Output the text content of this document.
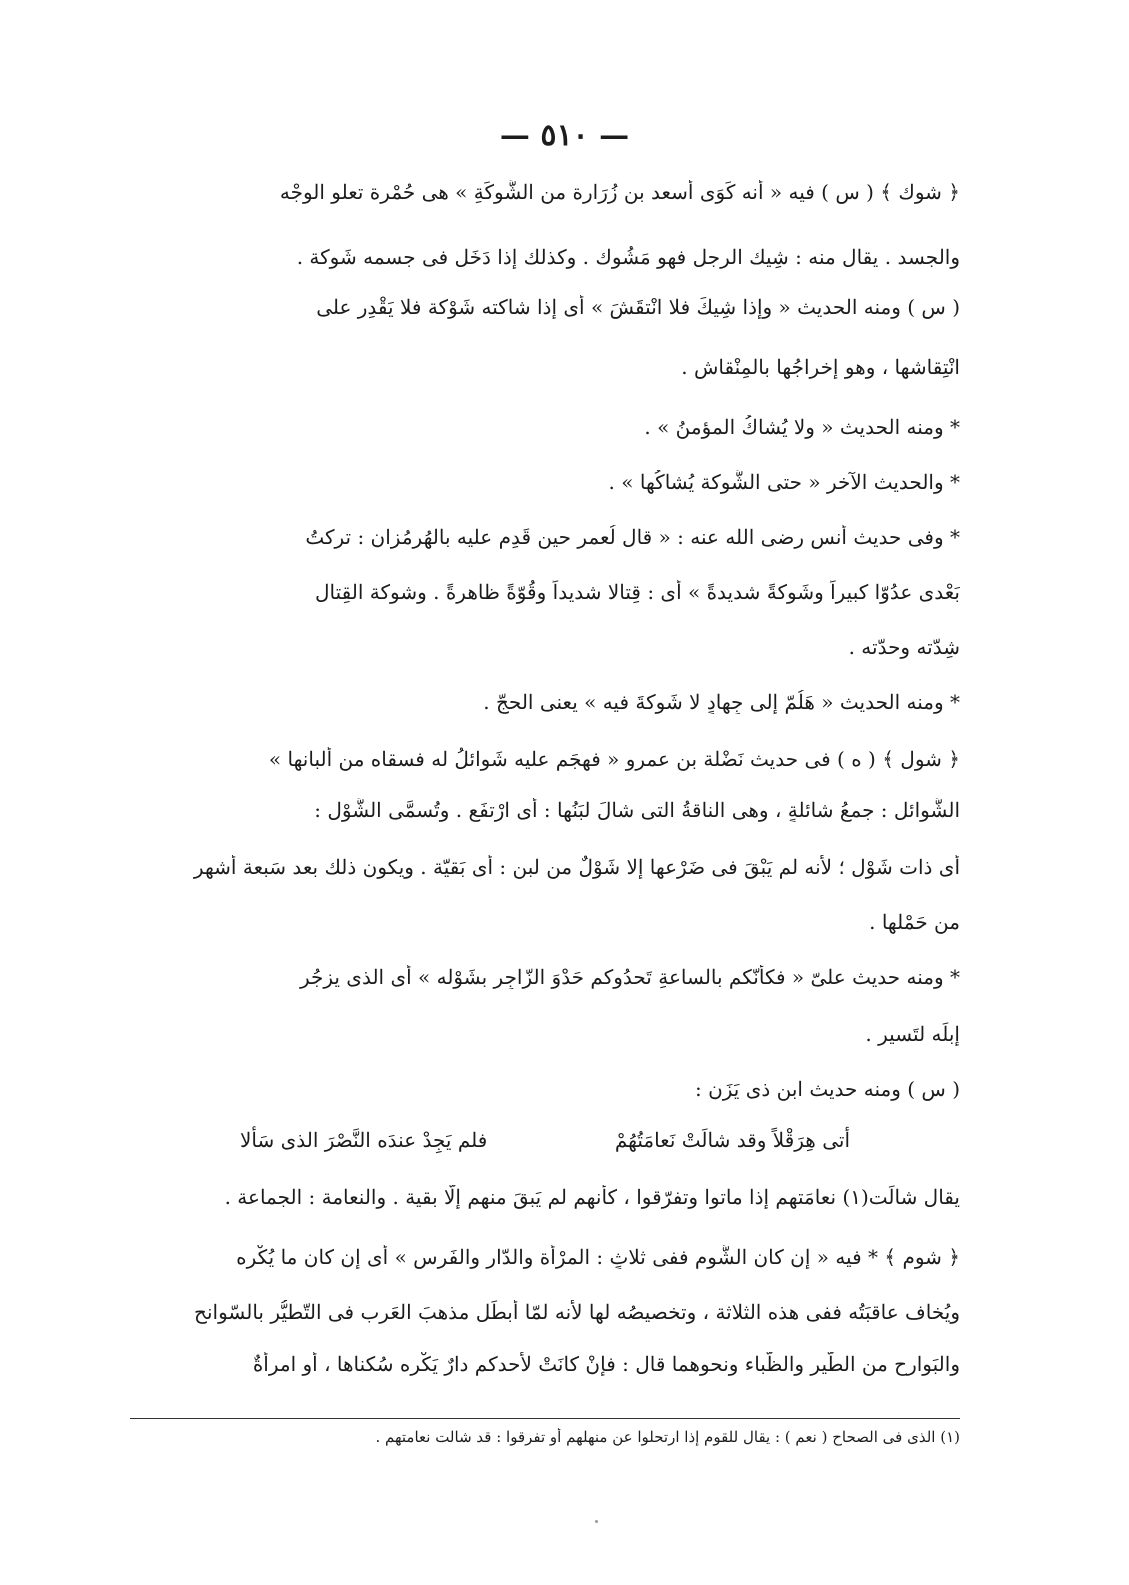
— ٥١٠ —
﴿ شوك ﴾ ( س ) فيه « أنه كَوَى أسعد بن زُرَارة من الشَّوكَةِ » هى حُمْرة تعلو الوجْه
والجسد . يقال منه : شِيك الرجل فهو مَشُوك . وكذلك إذا دَخَل فى جسمه شَوكة .
( س ) ومنه الحديث « وإذا شِيكَ فلا انْتقَشَ » أى إذا شاكته شَوْكة فلا يَقْدِر على
انْتِقاشها ، وهو إخراجُها بالمِنْقاش .
* ومنه الحديث « ولا يُشاكُ المؤمنُ » .
* والحديث الآخر « حتى الشَّوكة يُشاكُها » .
* وفى حديث أنس رضى الله عنه : « قال لُعمر حين قَدِم عليه بالهُرمُزان : تركتُ
بَعْدى عدُوّا كبيراً وشَوكةً شديدةً » أى : قِتالا شديداً وقُوّةً ظاهرةً . وشوكة القِتال
شِدّته وحدّته .
* ومنه الحديث « هَلُمّ إلى جِهادٍ لا شَوكةَ فيه » يعنى الحجّ .
﴿ شول ﴾ ( ه ) فى حديث نَضْلة بن عمرو « فهجَم عليه شَوائلُ له فسقاه من ألبانها »
الشَّوائل : جمعُ شائلةٍ ، وهى الناقةُ التى شالَ لبَنُها : أى ارْتفَع . وتُسمَّى الشَّوْل :
أى ذات شَوْلٍ ؛ لأنه لم يَبْقَ فى ضَرْعها إلا شَوْلٌ من لبنٍ : أى بَقيّة . ويكون ذلك بعد سَبعة أشهر
من حَمْلها .
* ومنه حديث علىّ « فكأنّكم بالساعةِ تَحدُوكم حَدْوَ الزّاجِرِ بشَوْله » أى الذى يزجُر
إبلَه لتَسير .
( س ) ومنه حديث ابن ذى يَزَن :
أتى هِرَقْلاً وقد شالَتْ نَعامَتُهُمْ
فلم يَجِدْ عندَه النَّصْرَ الذى سَألا
يقال شالَت(١) نعامَتهم إذا ماتوا وتفرّقوا ، كأنهم لم يَبقَ منهم إلّا بقية . والنعامة : الجماعة .
﴿ شوم ﴾ * فيه « إن كان الشُّوم ففى ثلاثٍ : المرْأة والدّار والفَرس » أى إن كان ما يُكْره
ويُخاف عاقبَتُه ففى هذه الثلاثة ، وتخصيصُه لها لأنه لمّا أبطَل مذهبَ العَرب فى التّطيُّر بالسّوانح
والبَوارح من الطّير والظّباء ونحوهما قال : فإنْ كانَتْ لأحدكم دارٌ يَكْره سُكناها ، أو امرأةٌ
(١) الذى فى الصحاح ( نعم ) : يقال للقوم إذا ارتحلوا عن منهلهم أو تفرقوا : قد شالت نعامتهم .
